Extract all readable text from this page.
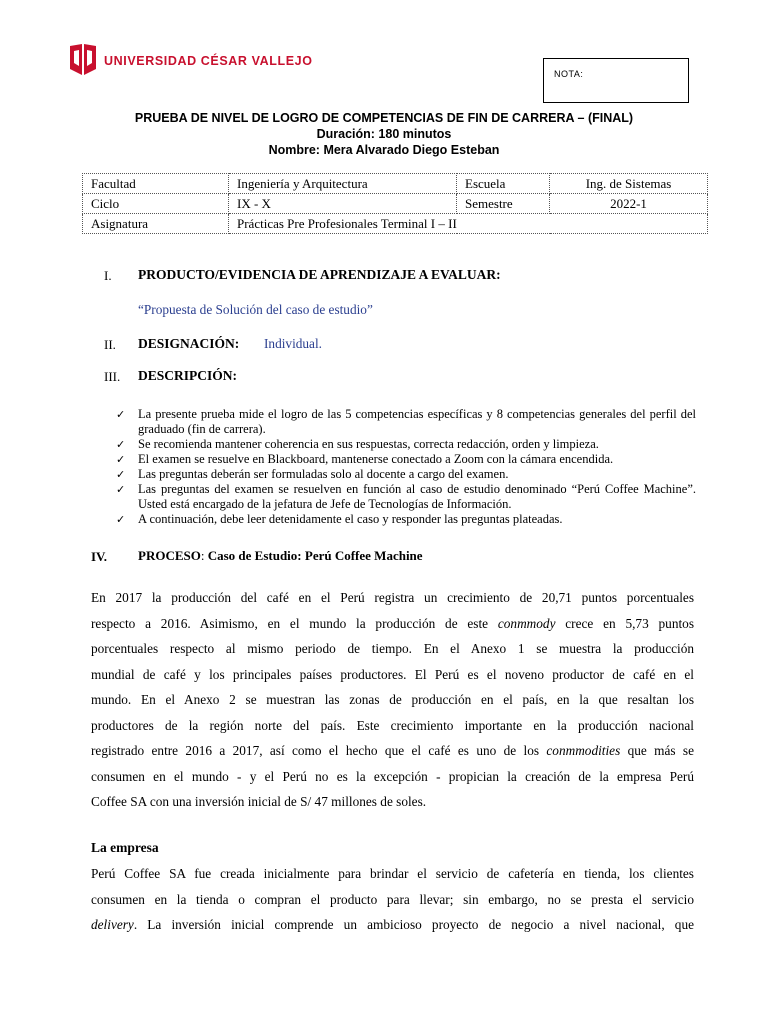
UNIVERSIDAD CÉSAR VALLEJO
NOTA:
PRUEBA DE NIVEL DE LOGRO DE COMPETENCIAS DE FIN DE CARRERA – (FINAL)
Duración: 180 minutos
Nombre: Mera Alvarado Diego Esteban
Facultad	Ingeniería y Arquitectura	Escuela	Ing. de Sistemas
Ciclo	IX - X	Semestre	2022-1
Asignatura	Prácticas Pre Profesionales Terminal I – II		
I. PRODUCTO/EVIDENCIA DE APRENDIZAJE A EVALUAR:
“Propuesta de Solución del caso de estudio”
II. DESIGNACIÓN: Individual.
III. DESCRIPCIÓN:
✓ La presente prueba mide el logro de las 5 competencias específicas y 8 competencias generales del perfil del graduado (fin de carrera).
✓ Se recomienda mantener coherencia en sus respuestas, correcta redacción, orden y limpieza.
✓ El examen se resuelve en Blackboard, mantenerse conectado a Zoom con la cámara encendida.
✓ Las preguntas deberán ser formuladas solo al docente a cargo del examen.
✓ Las preguntas del examen se resuelven en función al caso de estudio denominado “Perú Coffee Machine”. Usted está encargado de la jefatura de Jefe de Tecnologías de Información.
✓ A continuación, debe leer detenidamente el caso y responder las preguntas plateadas.
IV. PROCESO: Caso de Estudio: Perú Coffee Machine
En 2017 la producción del café en el Perú registra un crecimiento de 20,71 puntos porcentuales
respecto a 2016. Asimismo, en el mundo la producción de este conmmody crece en 5,73 puntos
porcentuales respecto al mismo periodo de tiempo. En el Anexo 1 se muestra la producción
mundial de café y los principales países productores. El Perú es el noveno productor de café en el
mundo. En el Anexo 2 se muestran las zonas de producción en el país, en la que resaltan los
productores de la región norte del país. Este crecimiento importante en la producción nacional
registrado entre 2016 a 2017, así como el hecho que el café es uno de los conmmodities que más se
consumen en el mundo - y el Perú no es la excepción - propician la creación de la empresa Perú
Coffee SA con una inversión inicial de S/ 47 millones de soles.
La empresa
Perú Coffee SA fue creada inicialmente para brindar el servicio de cafetería en tienda, los clientes
consumen en la tienda o compran el producto para llevar; sin embargo, no se presta el servicio
delivery. La inversión inicial comprende un ambicioso proyecto de negocio a nivel nacional, que
